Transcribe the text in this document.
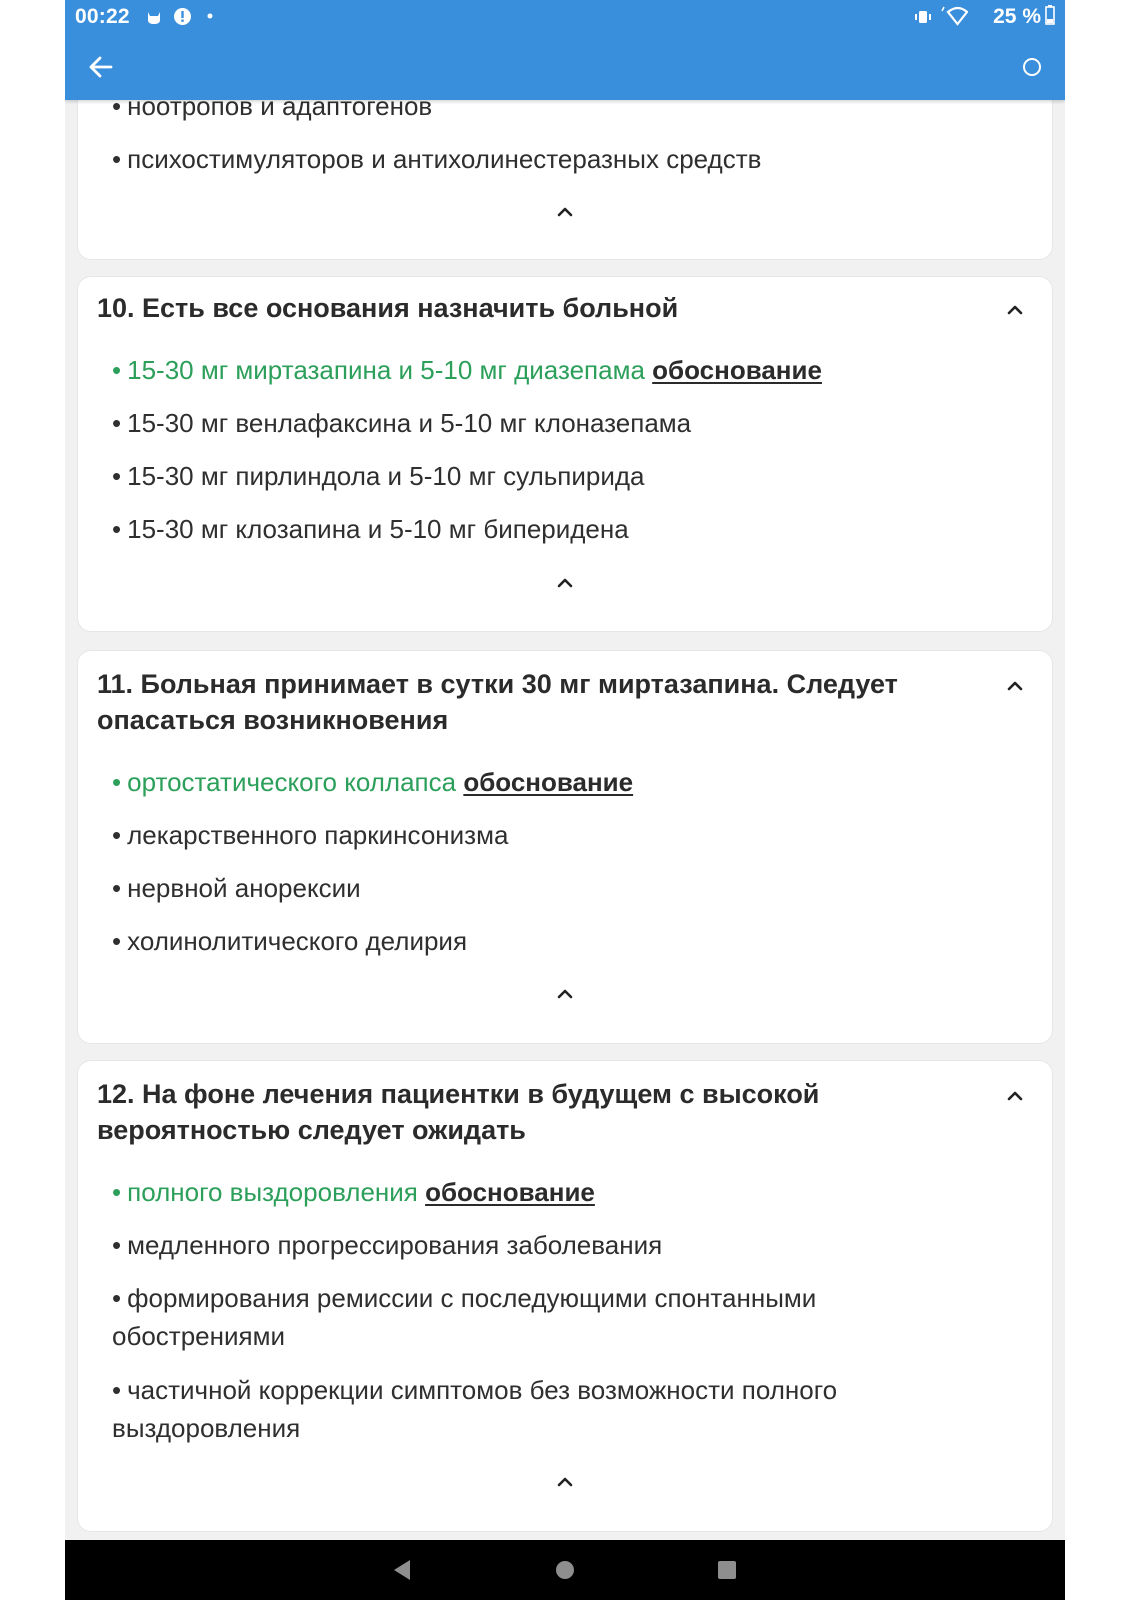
00:22	25 %
• ноотропов и адаптогенов
• психостимуляторов и антихолинестеразных средств
10. Есть все основания назначить больной
• 15-30 мг миртазапина и 5-10 мг диазепама обоснование
• 15-30 мг венлафаксина и 5-10 мг клоназепама
• 15-30 мг пирлиндола и 5-10 мг сульпирида
• 15-30 мг клозапина и 5-10 мг биперидена
11. Больная принимает в сутки 30 мг миртазапина. Следует опасаться возникновения
• ортостатического коллапса обоснование
• лекарственного паркинсонизма
• нервной анорексии
• холинолитического делирия
12. На фоне лечения пациентки в будущем с высокой вероятностью следует ожидать
• полного выздоровления обоснование
• медленного прогрессирования заболевания
• формирования ремиссии с последующими спонтанными обострениями
• частичной коррекции симптомов без возможности полного выздоровления
